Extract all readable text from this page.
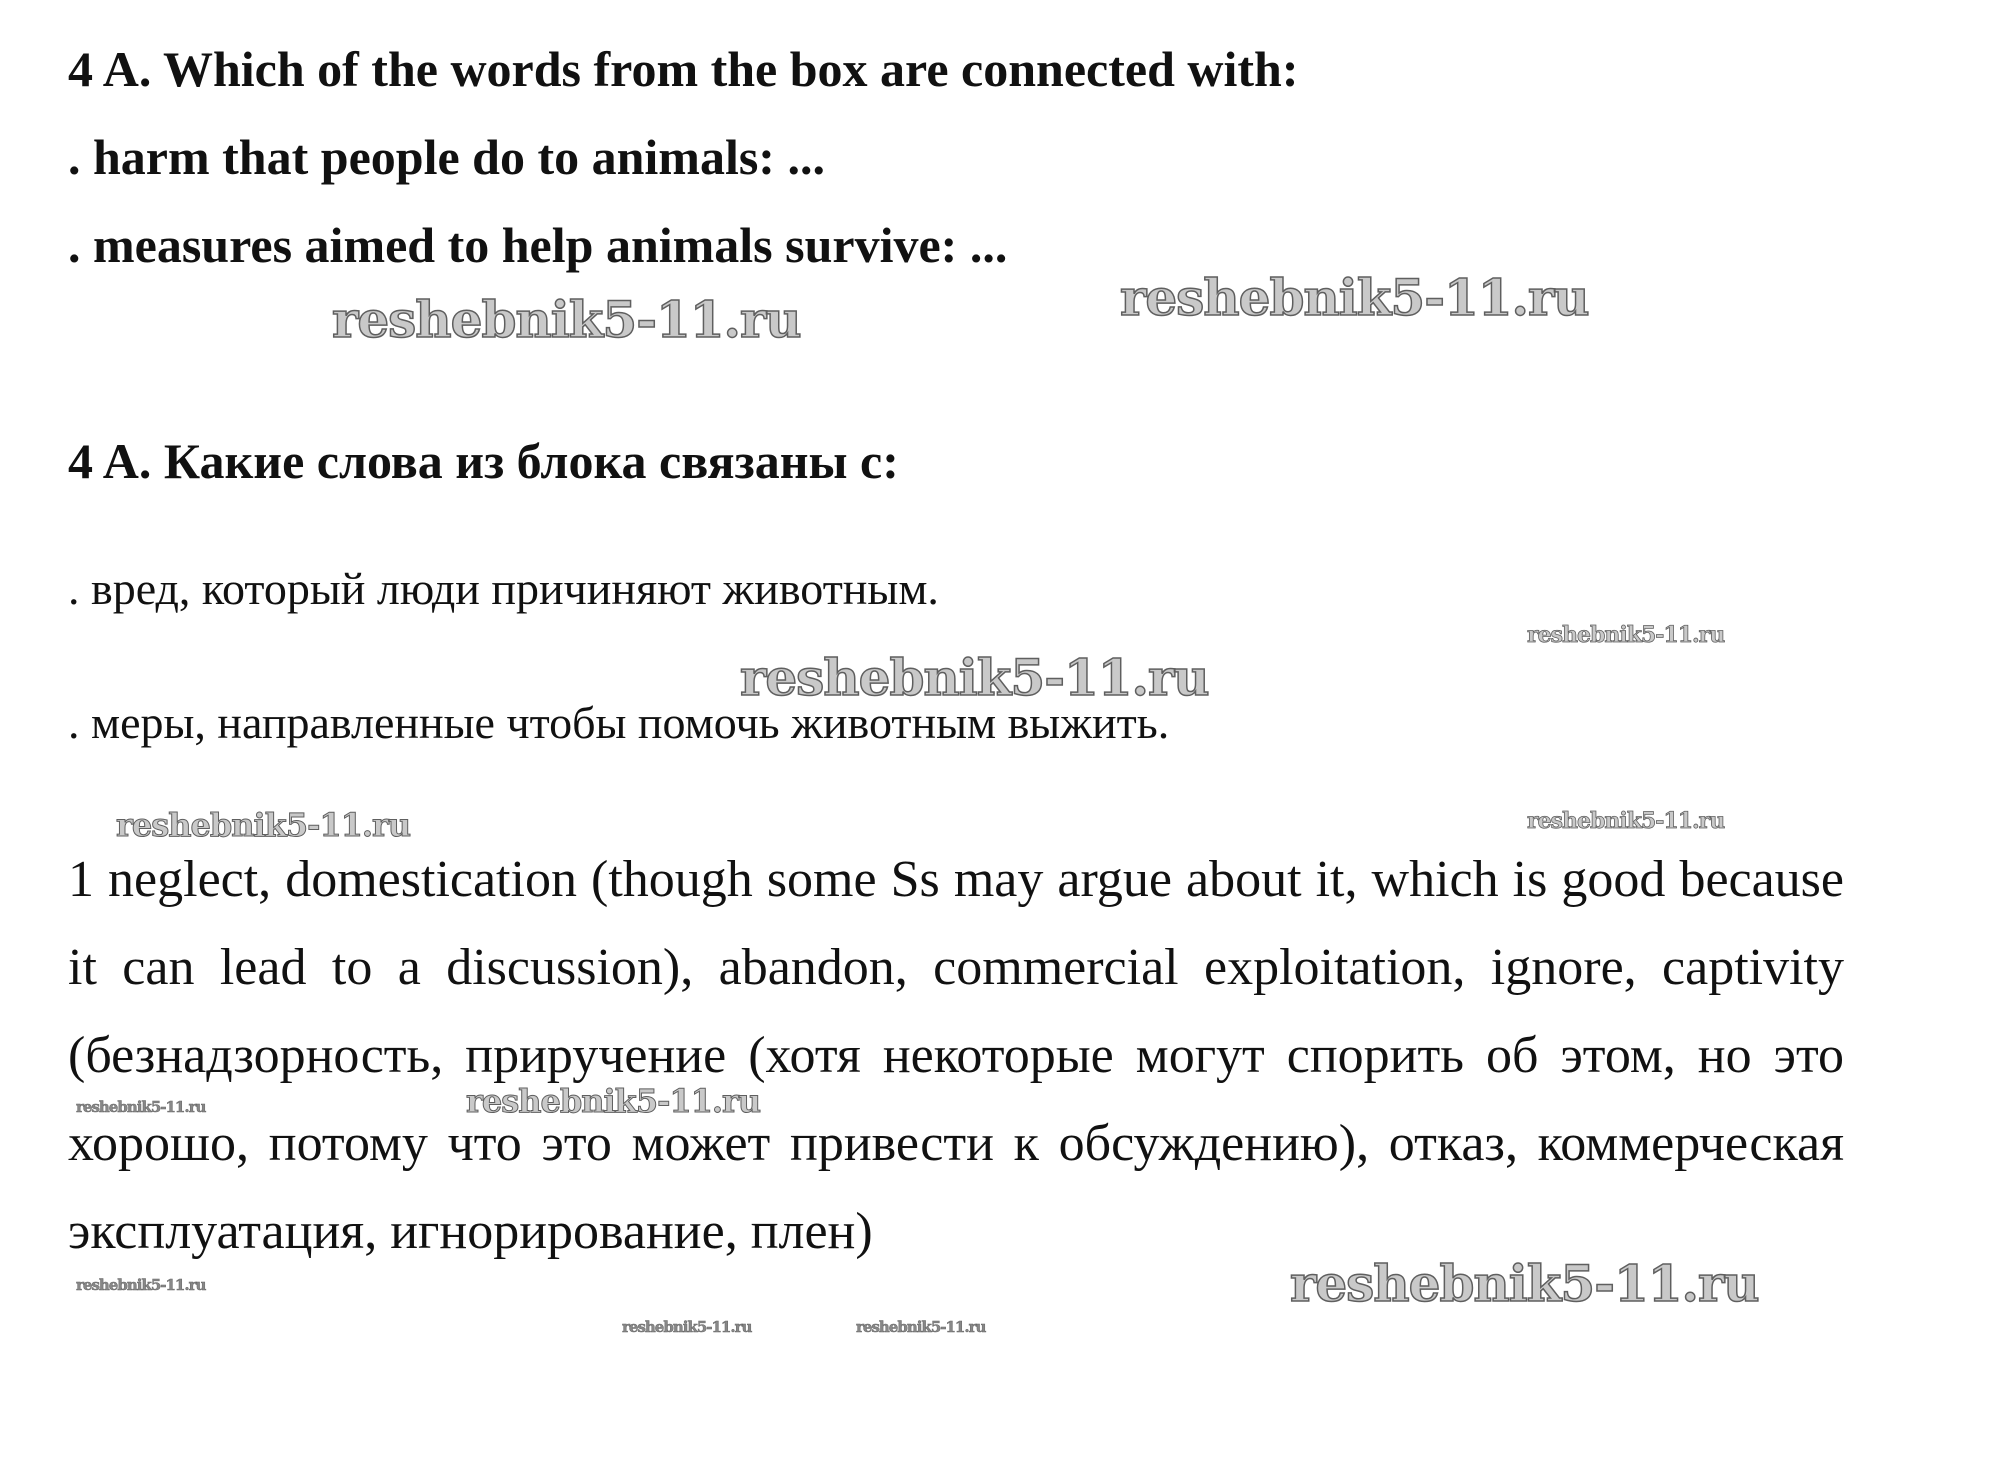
4 A. Which of the words from the box are connected with:
. harm that people do to animals: ...
. measures aimed to help animals survive: ...
4 A. Какие слова из блока связаны с:
. вред, который люди причиняют животным.
. меры, направленные чтобы помочь животным выжить.
1 neglect, domestication (though some Ss may argue about it, which is good because it can lead to a discussion), abandon, commercial exploitation, ignore, captivity (безнадзорность, приручение (хотя некоторые могут спорить об этом, но это хорошо, потому что это может привести к обсуждению), отказ, коммерческая эксплуатация, игнорирование, плен)
reshebnik5-11.ru	reshebnik5-11.ru
reshebnik5-11.ru
reshebnik5-11.ru
reshebnik5-11.ru	reshebnik5-11.ru
reshebnik5-11.ru	reshebnik5-11.ru
reshebnik5-11.ru
reshebnik5-11.ru
reshebnik5-11.ru	reshebnik5-11.ru
